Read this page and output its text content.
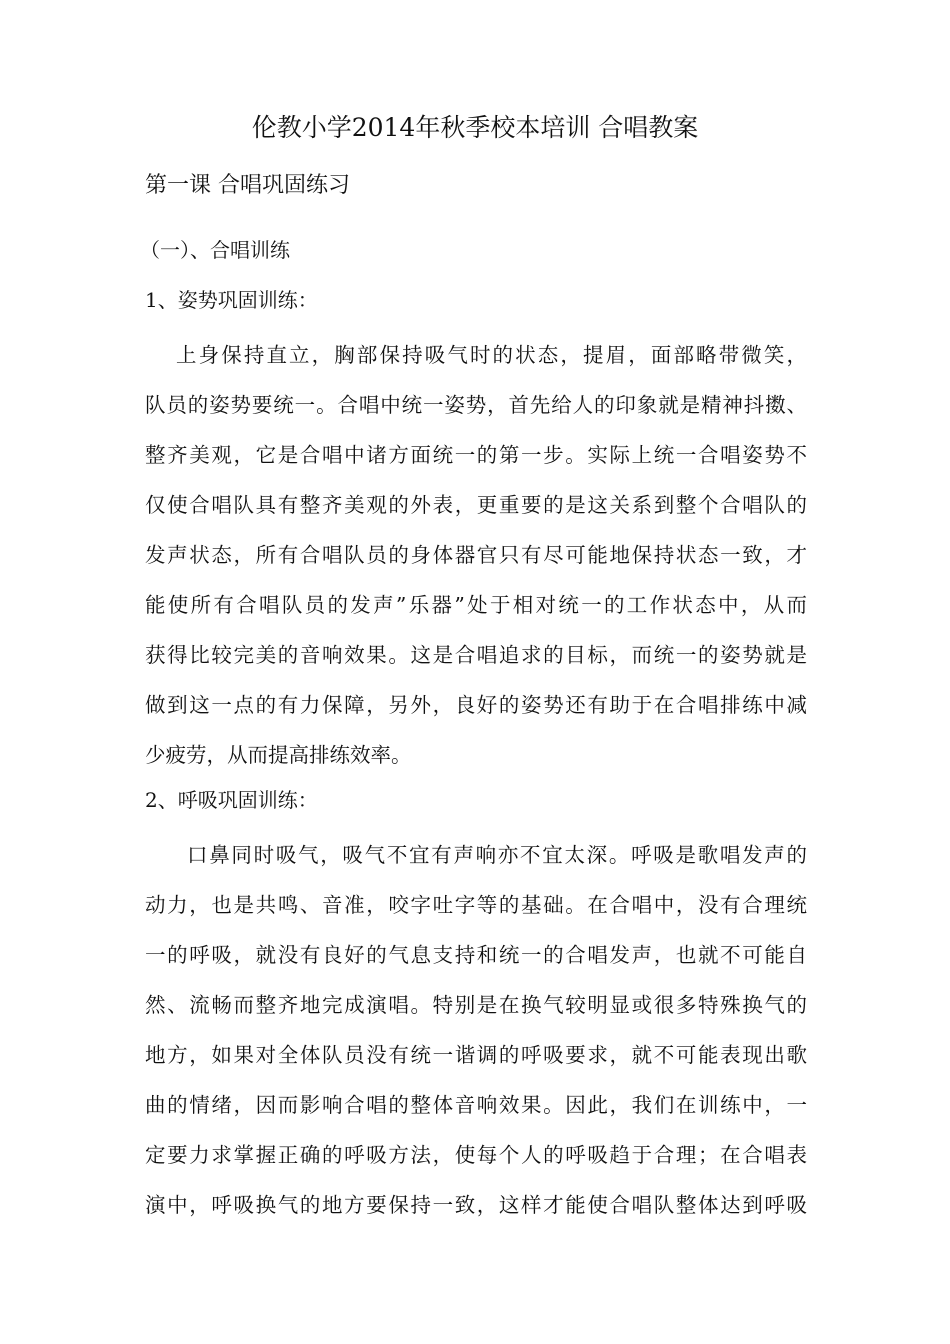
伦教小学2014年秋季校本培训 合唱教案
第一课 合唱巩固练习
（一）、合唱训练
1、姿势巩固训练：
上身保持直立，胸部保持吸气时的状态，提眉，面部略带微笑，
队员的姿势要统一。合唱中统一姿势，首先给人的印象就是精神抖擞、
整齐美观，它是合唱中诸方面统一的第一步。实际上统一合唱姿势不
仅使合唱队具有整齐美观的外表，更重要的是这关系到整个合唱队的
发声状态，所有合唱队员的身体器官只有尽可能地保持状态一致，才
能使所有合唱队员的发声”乐器”处于相对统一的工作状态中，从而
获得比较完美的音响效果。这是合唱追求的目标，而统一的姿势就是
做到这一点的有力保障，另外，良好的姿势还有助于在合唱排练中减
少疲劳，从而提高排练效率。
2、呼吸巩固训练：
口鼻同时吸气，吸气不宜有声响亦不宜太深。呼吸是歌唱发声的
动力，也是共鸣、音准，咬字吐字等的基础。在合唱中，没有合理统
一的呼吸，就没有良好的气息支持和统一的合唱发声，也就不可能自
然、流畅而整齐地完成演唱。特别是在换气较明显或很多特殊换气的
地方，如果对全体队员没有统一谐调的呼吸要求，就不可能表现出歌
曲的情绪，因而影响合唱的整体音响效果。因此，我们在训练中，一
定要力求掌握正确的呼吸方法，使每个人的呼吸趋于合理；在合唱表
演中，呼吸换气的地方要保持一致，这样才能使合唱队整体达到呼吸
